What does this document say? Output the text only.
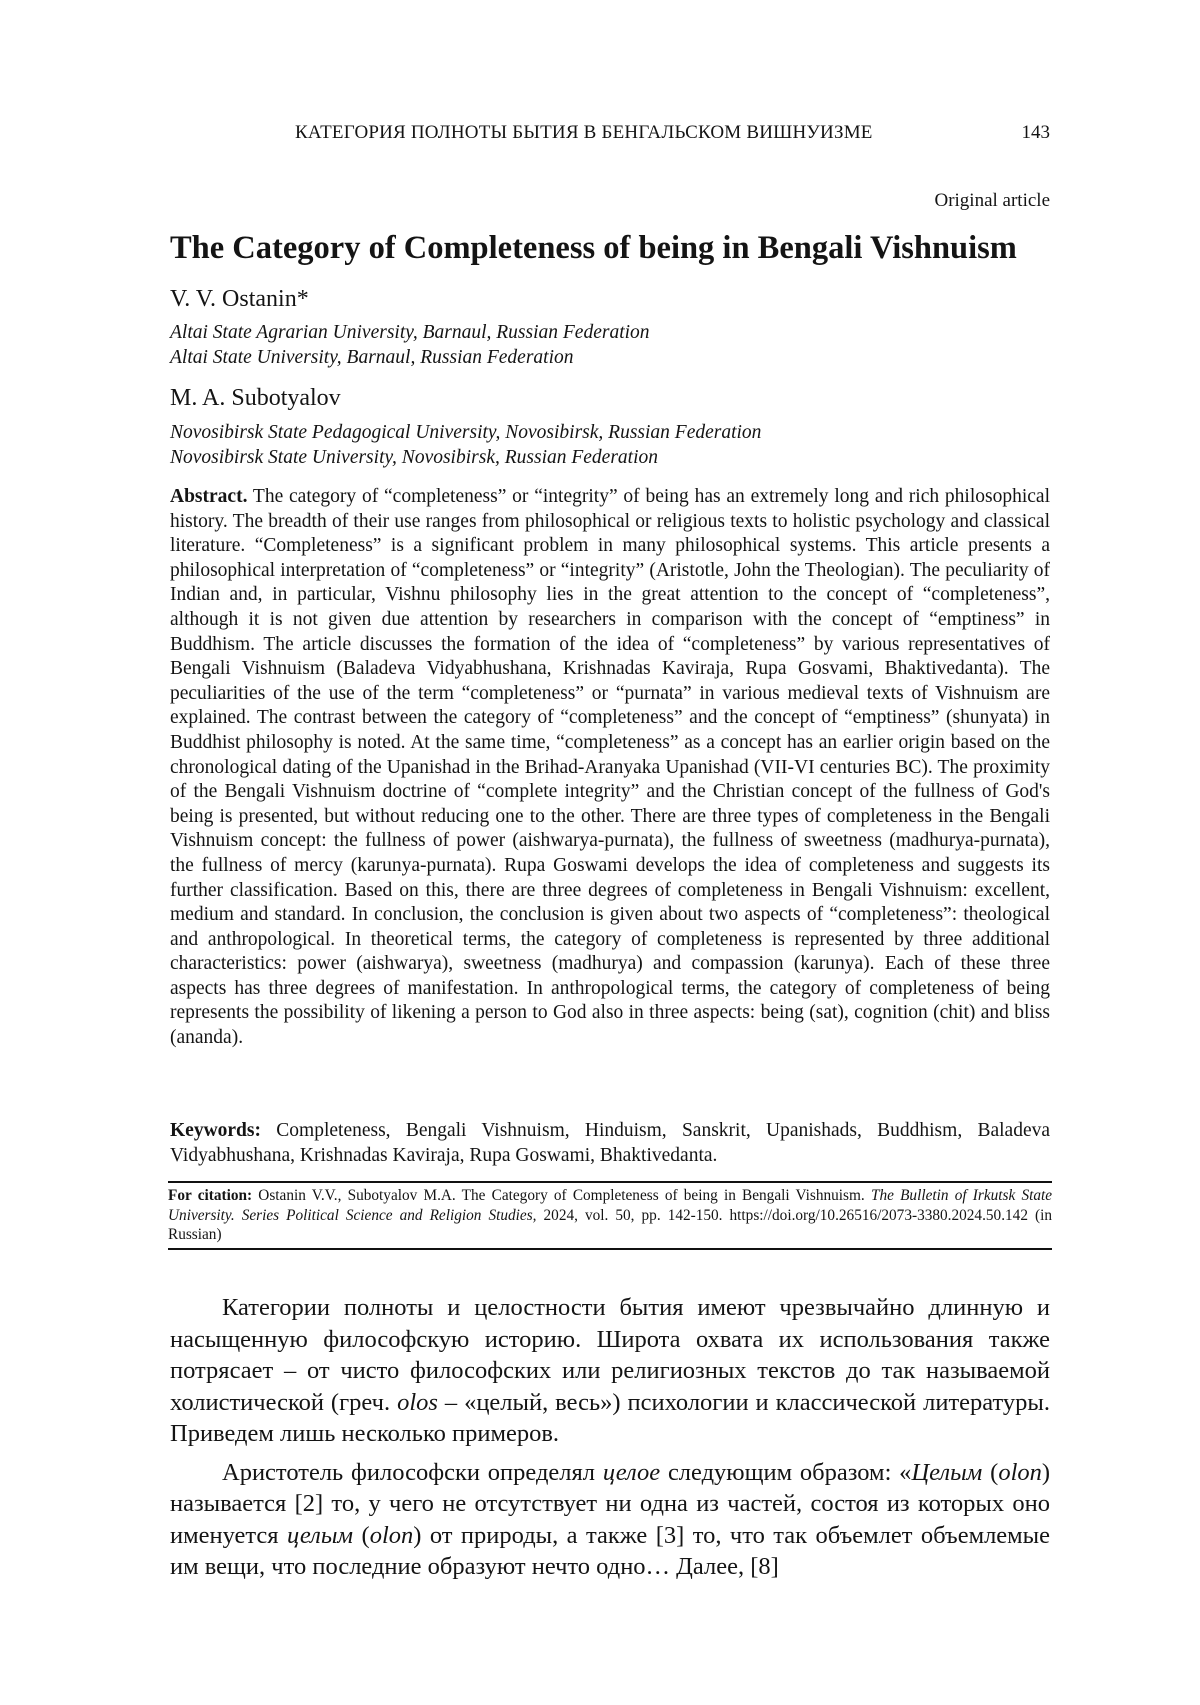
КАТЕГОРИЯ ПОЛНОТЫ БЫТИЯ В БЕНГАЛЬСКОМ ВИШНУИЗМЕ	143
Original article
The Category of Completeness of being in Bengali Vishnuism

V. V. Ostanin*

Altai State Agrarian University, Barnaul, Russian Federation

Altai State University, Barnaul, Russian Federation

M. A. Subotyalov

Novosibirsk State Pedagogical University, Novosibirsk, Russian Federation

Novosibirsk State University, Novosibirsk, Russian Federation

Abstract. The category of “completeness” or “integrity” of being has an extremely long and rich philosophical history. The breadth of their use ranges from philosophical or religious texts to holistic psychology and classical literature. “Completeness” is a significant problem in many philosophical systems. This article presents a philosophical interpretation of “completeness” or “integrity” (Aristotle, John the Theologian). The peculiarity of Indian and, in particular, Vishnu philosophy lies in the great attention to the concept of “completeness”, although it is not given due attention by researchers in comparison with the concept of “emptiness” in Buddhism. The article discusses the formation of the idea of “completeness” by various representatives of Bengali Vishnuism (Baladeva Vidyabhushana, Krishnadas Kaviraja, Rupa Gosvami, Bhaktivedanta). The peculiarities of the use of the term “completeness” or “purnata” in various medieval texts of Vishnuism are explained. The contrast between the category of “completeness” and the concept of “emptiness” (shunyata) in Buddhist philosophy is noted. At the same time, “completeness” as a concept has an earlier origin based on the chronological dating of the Upanishad in the Brihad-Aranyaka Upanishad (VII-VI centuries BC). The proximity of the Bengali Vishnuism doctrine of “complete integrity” and the Christian concept of the fullness of God's being is presented, but without reducing one to the other. There are three types of completeness in the Bengali Vishnuism concept: the fullness of power (aishwarya-purnata), the fullness of sweetness (madhurya-purnata), the fullness of mercy (karunya-purnata). Rupa Goswami develops the idea of completeness and suggests its further classification. Based on this, there are three degrees of completeness in Bengali Vishnuism: excellent, medium and standard. In conclusion, the conclusion is given about two aspects of “completeness”: theological and anthropological. In theoretical terms, the category of completeness is represented by three additional characteristics: power (aishwarya), sweetness (madhurya) and compassion (karunya). Each of these three aspects has three degrees of manifestation. In anthropological terms, the category of completeness of being represents the possibility of likening a person to God also in three aspects: being (sat), cognition (chit) and bliss (ananda).

Keywords: Completeness, Bengali Vishnuism, Hinduism, Sanskrit, Upanishads, Buddhism, Baladeva Vidyabhushana, Krishnadas Kaviraja, Rupa Goswami, Bhaktivedanta.

For citation: Ostanin V.V., Subotyalov M.A. The Category of Completeness of being in Bengali Vishnuism. The Bulletin of Irkutsk State University. Series Political Science and Religion Studies, 2024, vol. 50, pp. 142-150. https://doi.org/10.26516/2073-3380.2024.50.142 (in Russian)

Категории полноты и целостности бытия имеют чрезвычайно длинную и насыщенную философскую историю. Широта охвата их использования также потрясает – от чисто философских или религиозных текстов до так называемой холистической (греч. olos – «целый, весь») психологии и классической литературы. Приведем лишь несколько примеров.

Аристотель философски определял целое следующим образом: «Целым (olon) называется [2] то, у чего не отсутствует ни одна из частей, состоя из которых оно именуется целым (olon) от природы, а также [3] то, что так объемлет объемлемые им вещи, что последние образуют нечто одно… Далее, [8]
